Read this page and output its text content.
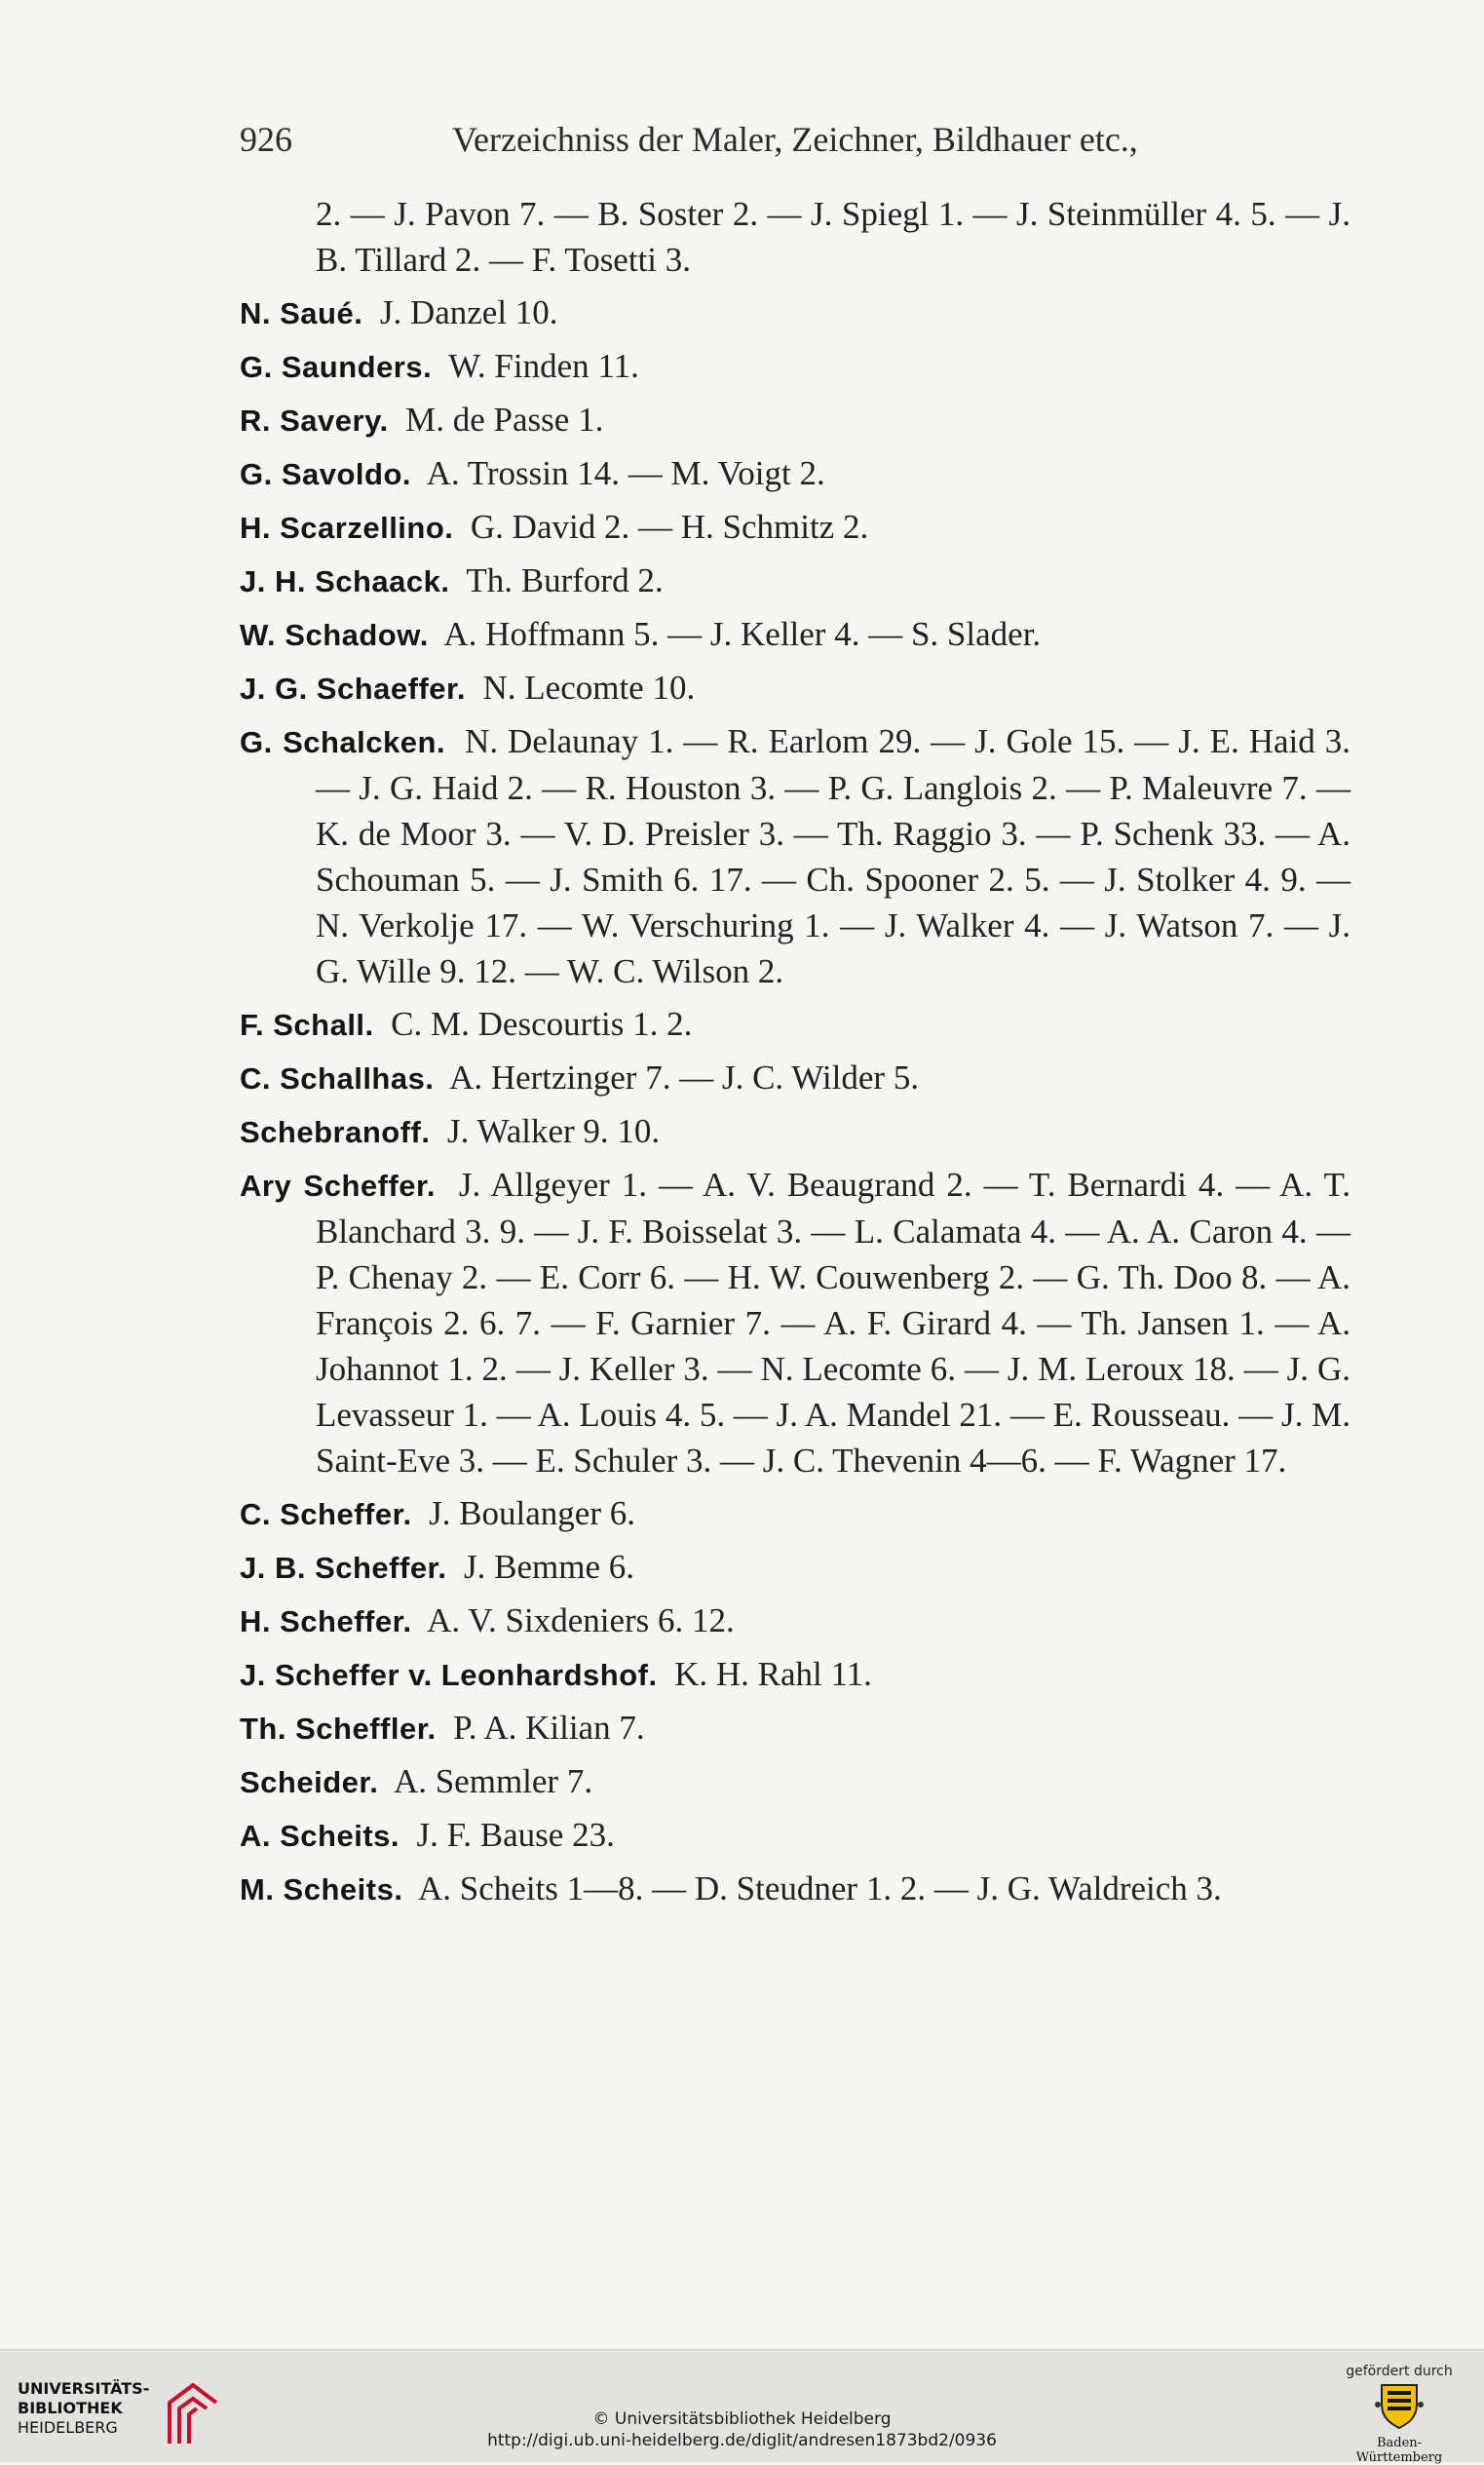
926	Verzeichniss der Maler, Zeichner, Bildhauer etc.,
2. — J. Pavon 7. — B. Soster 2. — J. Spiegl 1. — J. Steinmüller 4. 5. — J. B. Tillard 2. — F. Tosetti 3.
N. Saué. J. Danzel 10.
G. Saunders. W. Finden 11.
R. Savery. M. de Passe 1.
G. Savoldo. A. Trossin 14. — M. Voigt 2.
H. Scarzellino. G. David 2. — H. Schmitz 2.
J. H. Schaack. Th. Burford 2.
W. Schadow. A. Hoffmann 5. — J. Keller 4. — S. Slader.
J. G. Schaeffer. N. Lecomte 10.
G. Schalcken. N. Delaunay 1. — R. Earlom 29. — J. Gole 15. — J. E. Haid 3. — J. G. Haid 2. — R. Houston 3. — P. G. Langlois 2. — P. Maleuvre 7. — K. de Moor 3. — V. D. Preisler 3. — Th. Raggio 3. — P. Schenk 33. — A. Schouman 5. — J. Smith 6. 17. — Ch. Spooner 2. 5. — J. Stolker 4. 9. — N. Verkolje 17. — W. Verschuring 1. — J. Walker 4. — J. Watson 7. — J. G. Wille 9. 12. — W. C. Wilson 2.
F. Schall. C. M. Descourtis 1. 2.
C. Schallhas. A. Hertzinger 7. — J. C. Wilder 5.
Schebranoff. J. Walker 9. 10.
Ary Scheffer. J. Allgeyer 1. — A. V. Beaugrand 2. — T. Bernardi 4. — A. T. Blanchard 3. 9. — J. F. Boisselat 3. — L. Calamata 4. — A. A. Caron 4. — P. Chenay 2. — E. Corr 6. — H. W. Couwenberg 2. — G. Th. Doo 8. — A. François 2. 6. 7. — F. Garnier 7. — A. F. Girard 4. — Th. Jansen 1. — A. Johannot 1. 2. — J. Keller 3. — N. Lecomte 6. — J. M. Leroux 18. — J. G. Levasseur 1. — A. Louis 4. 5. — J. A. Mandel 21. — E. Rousseau. — J. M. Saint-Eve 3. — E. Schuler 3. — J. C. Thevenin 4—6. — F. Wagner 17.
C. Scheffer. J. Boulanger 6.
J. B. Scheffer. J. Bemme 6.
H. Scheffer. A. V. Sixdeniers 6. 12.
J. Scheffer v. Leonhardshof. K. H. Rahl 11.
Th. Scheffler. P. A. Kilian 7.
Scheider. A. Semmler 7.
A. Scheits. J. F. Bause 23.
M. Scheits. A. Scheits 1—8. — D. Steudner 1. 2. — J. G. Waldreich 3.
UNIVERSITÄTS-
BIBLIOTHEK
HEIDELBERG	© Universitätsbibliothek Heidelberg
http://digi.ub.uni-heidelberg.de/diglit/andresen1873bd2/0936
gefördert durch
Baden-Württemberg
